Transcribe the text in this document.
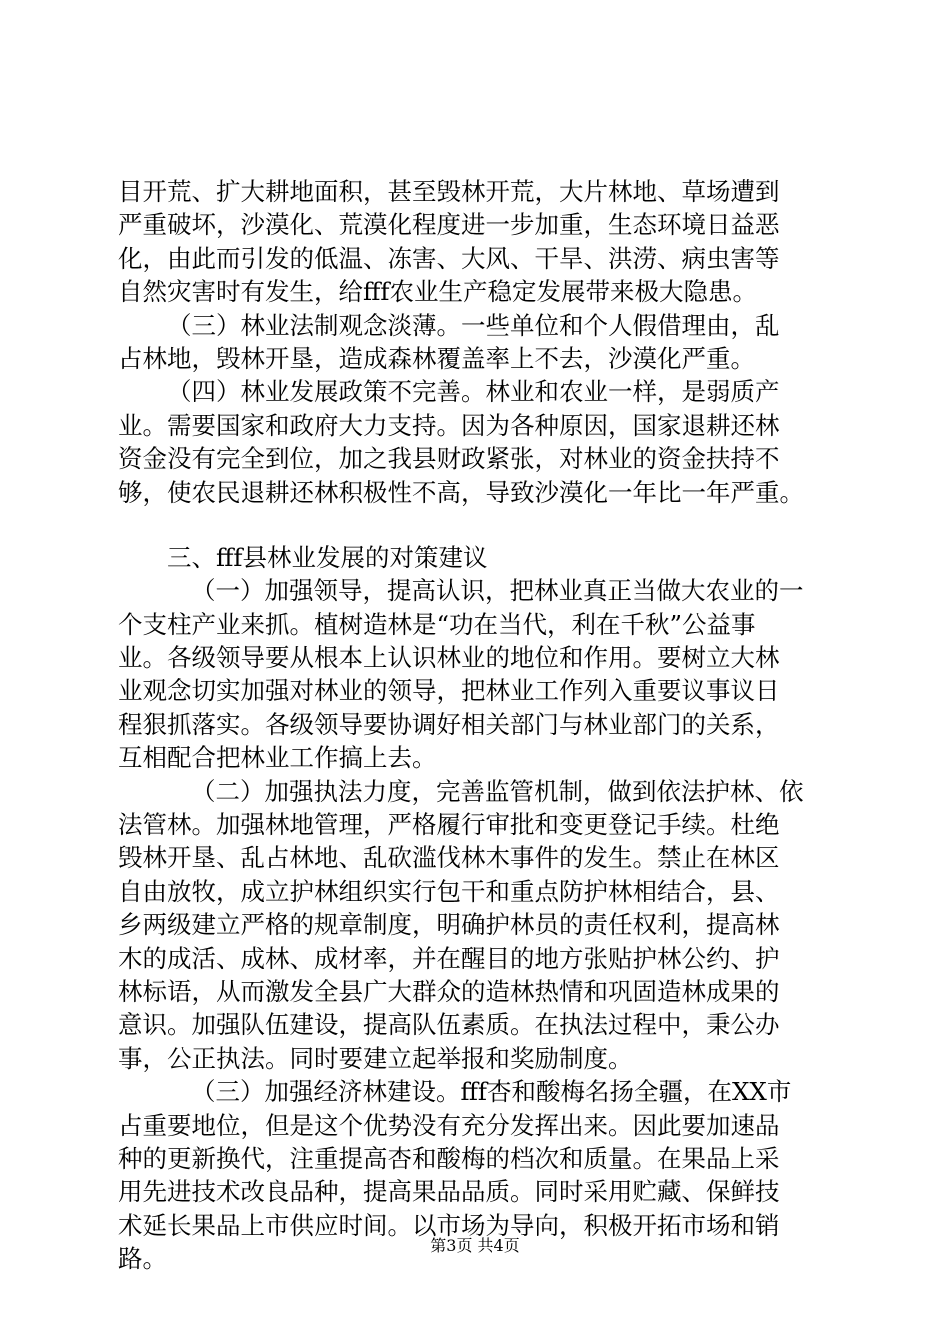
目开荒、扩大耕地面积，甚至毁林开荒，大片林地、草场遭到
严重破坏，沙漠化、荒漠化程度进一步加重，生态环境日益恶
化，由此而引发的低温、冻害、大风、干旱、洪涝、病虫害等
自然灾害时有发生，给fff农业生产稳定发展带来极大隐患。
（三）林业法制观念淡薄。一些单位和个人假借理由，乱
占林地，毁林开垦，造成森林覆盖率上不去，沙漠化严重。
（四）林业发展政策不完善。林业和农业一样，是弱质产
业。需要国家和政府大力支持。因为各种原因，国家退耕还林
资金没有完全到位，加之我县财政紧张，对林业的资金扶持不
够，使农民退耕还林积极性不高，导致沙漠化一年比一年严重。
三、fff县林业发展的对策建议
（一）加强领导，提高认识，把林业真正当做大农业的一
个支柱产业来抓。植树造林是“功在当代，利在千秋”公益事
业。各级领导要从根本上认识林业的地位和作用。要树立大林
业观念切实加强对林业的领导，把林业工作列入重要议事议日
程狠抓落实。各级领导要协调好相关部门与林业部门的关系，
互相配合把林业工作搞上去。
（二）加强执法力度，完善监管机制，做到依法护林、依
法管林。加强林地管理，严格履行审批和变更登记手续。杜绝
毁林开垦、乱占林地、乱砍滥伐林木事件的发生。禁止在林区
自由放牧，成立护林组织实行包干和重点防护林相结合，县、
乡两级建立严格的规章制度，明确护林员的责任权利，提高林
木的成活、成林、成材率，并在醒目的地方张贴护林公约、护
林标语，从而激发全县广大群众的造林热情和巩固造林成果的
意识。加强队伍建设，提高队伍素质。在执法过程中，秉公办
事，公正执法。同时要建立起举报和奖励制度。
（三）加强经济林建设。fff杏和酸梅名扬全疆，在XX市
占重要地位，但是这个优势没有充分发挥出来。因此要加速品
种的更新换代，注重提高杏和酸梅的档次和质量。在果品上采
用先进技术改良品种，提高果品品质。同时采用贮藏、保鲜技
术延长果品上市供应时间。以市场为导向，积极开拓市场和销
路。	第3页 共4页
